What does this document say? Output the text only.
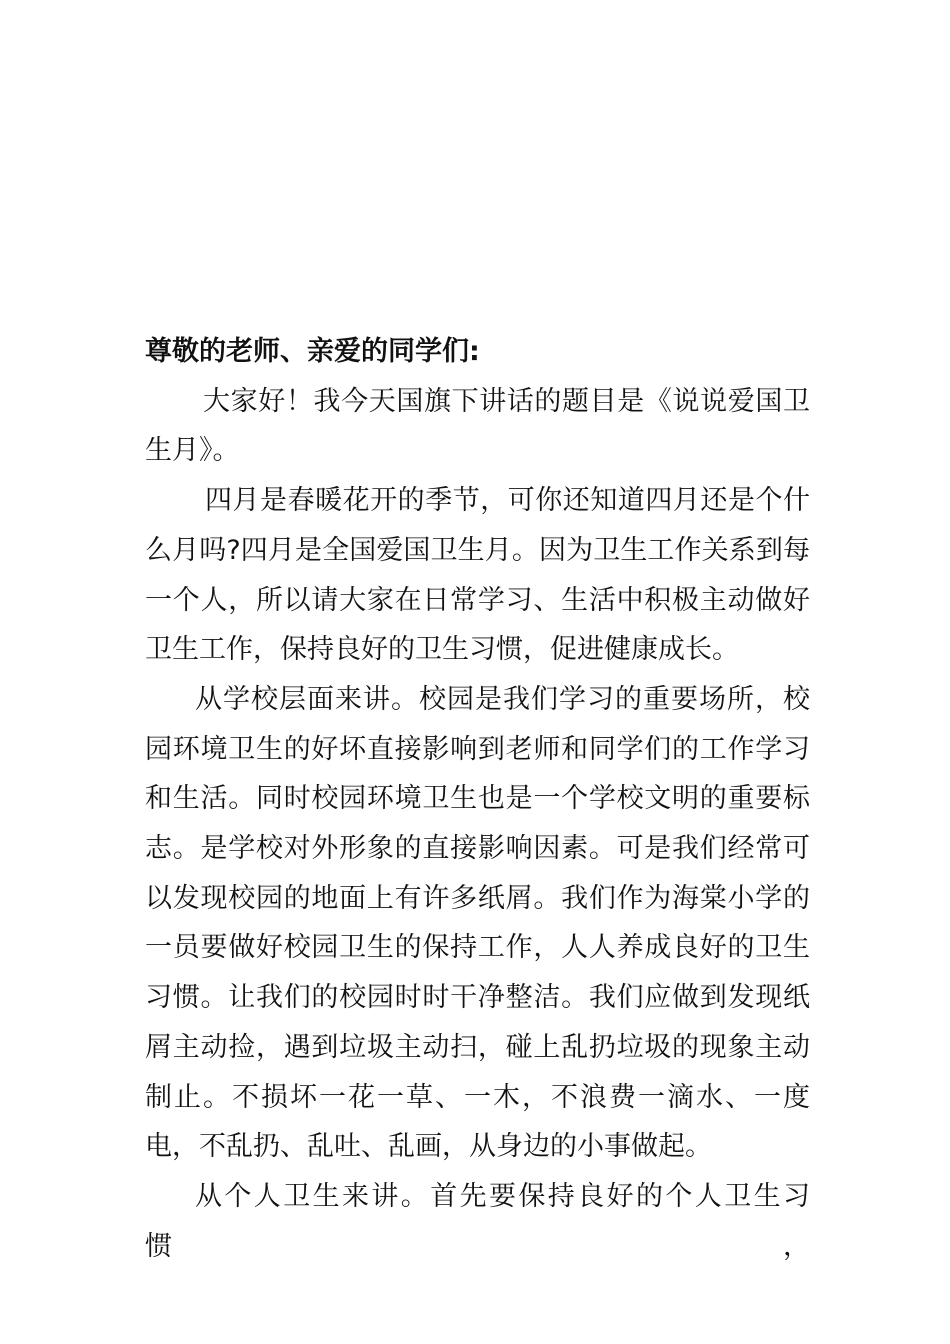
尊敬的老师、亲爱的同学们:

大家好！我今天国旗下讲话的题目是《说说爱国卫生月》。

四月是春暖花开的季节，可你还知道四月还是个什么月吗?四月是全国爱国卫生月。因为卫生工作关系到每一个人，所以请大家在日常学习、生活中积极主动做好卫生工作，保持良好的卫生习惯，促进健康成长。

从学校层面来讲。校园是我们学习的重要场所，校园环境卫生的好坏直接影响到老师和同学们的工作学习和生活。同时校园环境卫生也是一个学校文明的重要标志。是学校对外形象的直接影响因素。可是我们经常可以发现校园的地面上有许多纸屑。我们作为海棠小学的一员要做好校园卫生的保持工作，人人养成良好的卫生习惯。让我们的校园时时干净整洁。我们应做到发现纸屑主动捡，遇到垃圾主动扫，碰上乱扔垃圾的现象主动制止。不损坏一花一草、一木，不浪费一滴水、一度电，不乱扔、乱吐、乱画，从身边的小事做起。

从个人卫生来讲。首先要保持良好的个人卫生习惯，
